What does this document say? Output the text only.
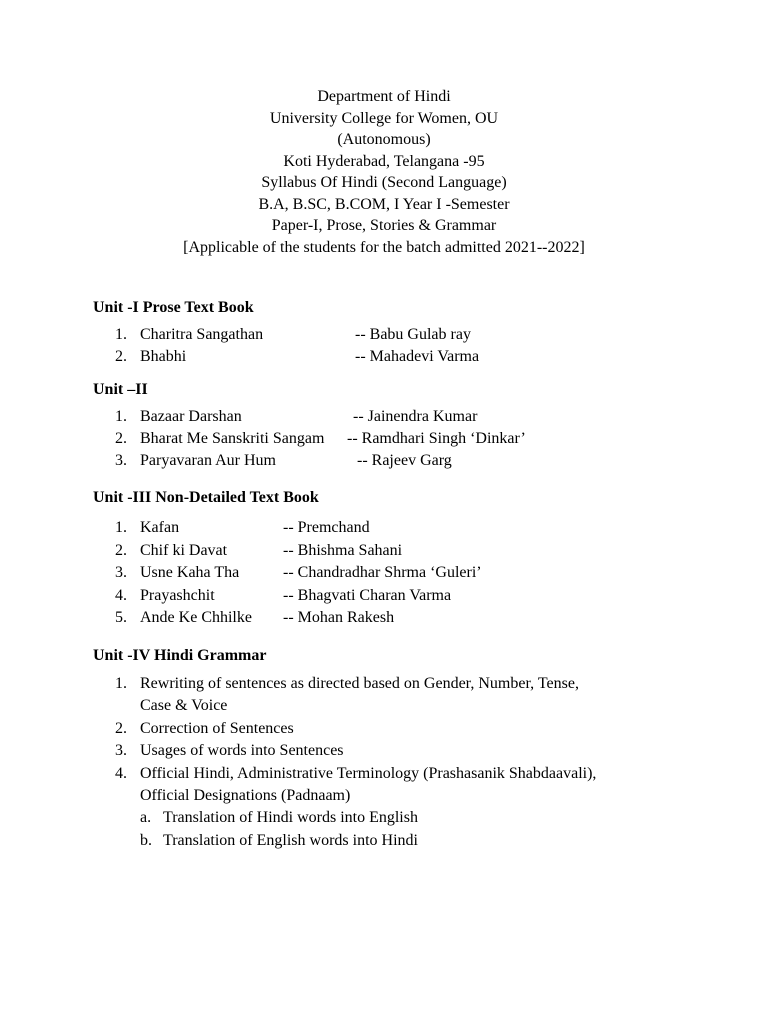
Department of Hindi
University College for Women, OU
(Autonomous)
Koti Hyderabad, Telangana -95
Syllabus Of Hindi (Second Language)
B.A, B.SC, B.COM, I Year I -Semester
Paper-I, Prose, Stories & Grammar
[Applicable of the students for the batch admitted 2021--2022]
Unit -I Prose Text Book
1. Charitra Sangathan	-- Babu Gulab ray
2. Bhabhi	-- Mahadevi Varma
Unit –II
1. Bazaar Darshan	-- Jainendra Kumar
2. Bharat Me Sanskriti Sangam -- Ramdhari Singh ‘Dinkar’
3. Paryavaran Aur Hum	-- Rajeev Garg
Unit -III Non-Detailed Text Book
1. Kafan	-- Premchand
2. Chif ki Davat	-- Bhishma Sahani
3. Usne Kaha Tha	-- Chandradhar Shrma ‘Guleri’
4. Prayashchit	-- Bhagvati Charan Varma
5. Ande Ke Chhilke -- Mohan Rakesh
Unit -IV Hindi Grammar
1. Rewriting of sentences as directed based on Gender, Number, Tense,
Case & Voice
2. Correction of Sentences
3. Usages of words into Sentences
4. Official Hindi, Administrative Terminology (Prashasanik Shabdaavali),
Official Designations (Padnaam)
a. Translation of Hindi words into English
b. Translation of English words into Hindi
